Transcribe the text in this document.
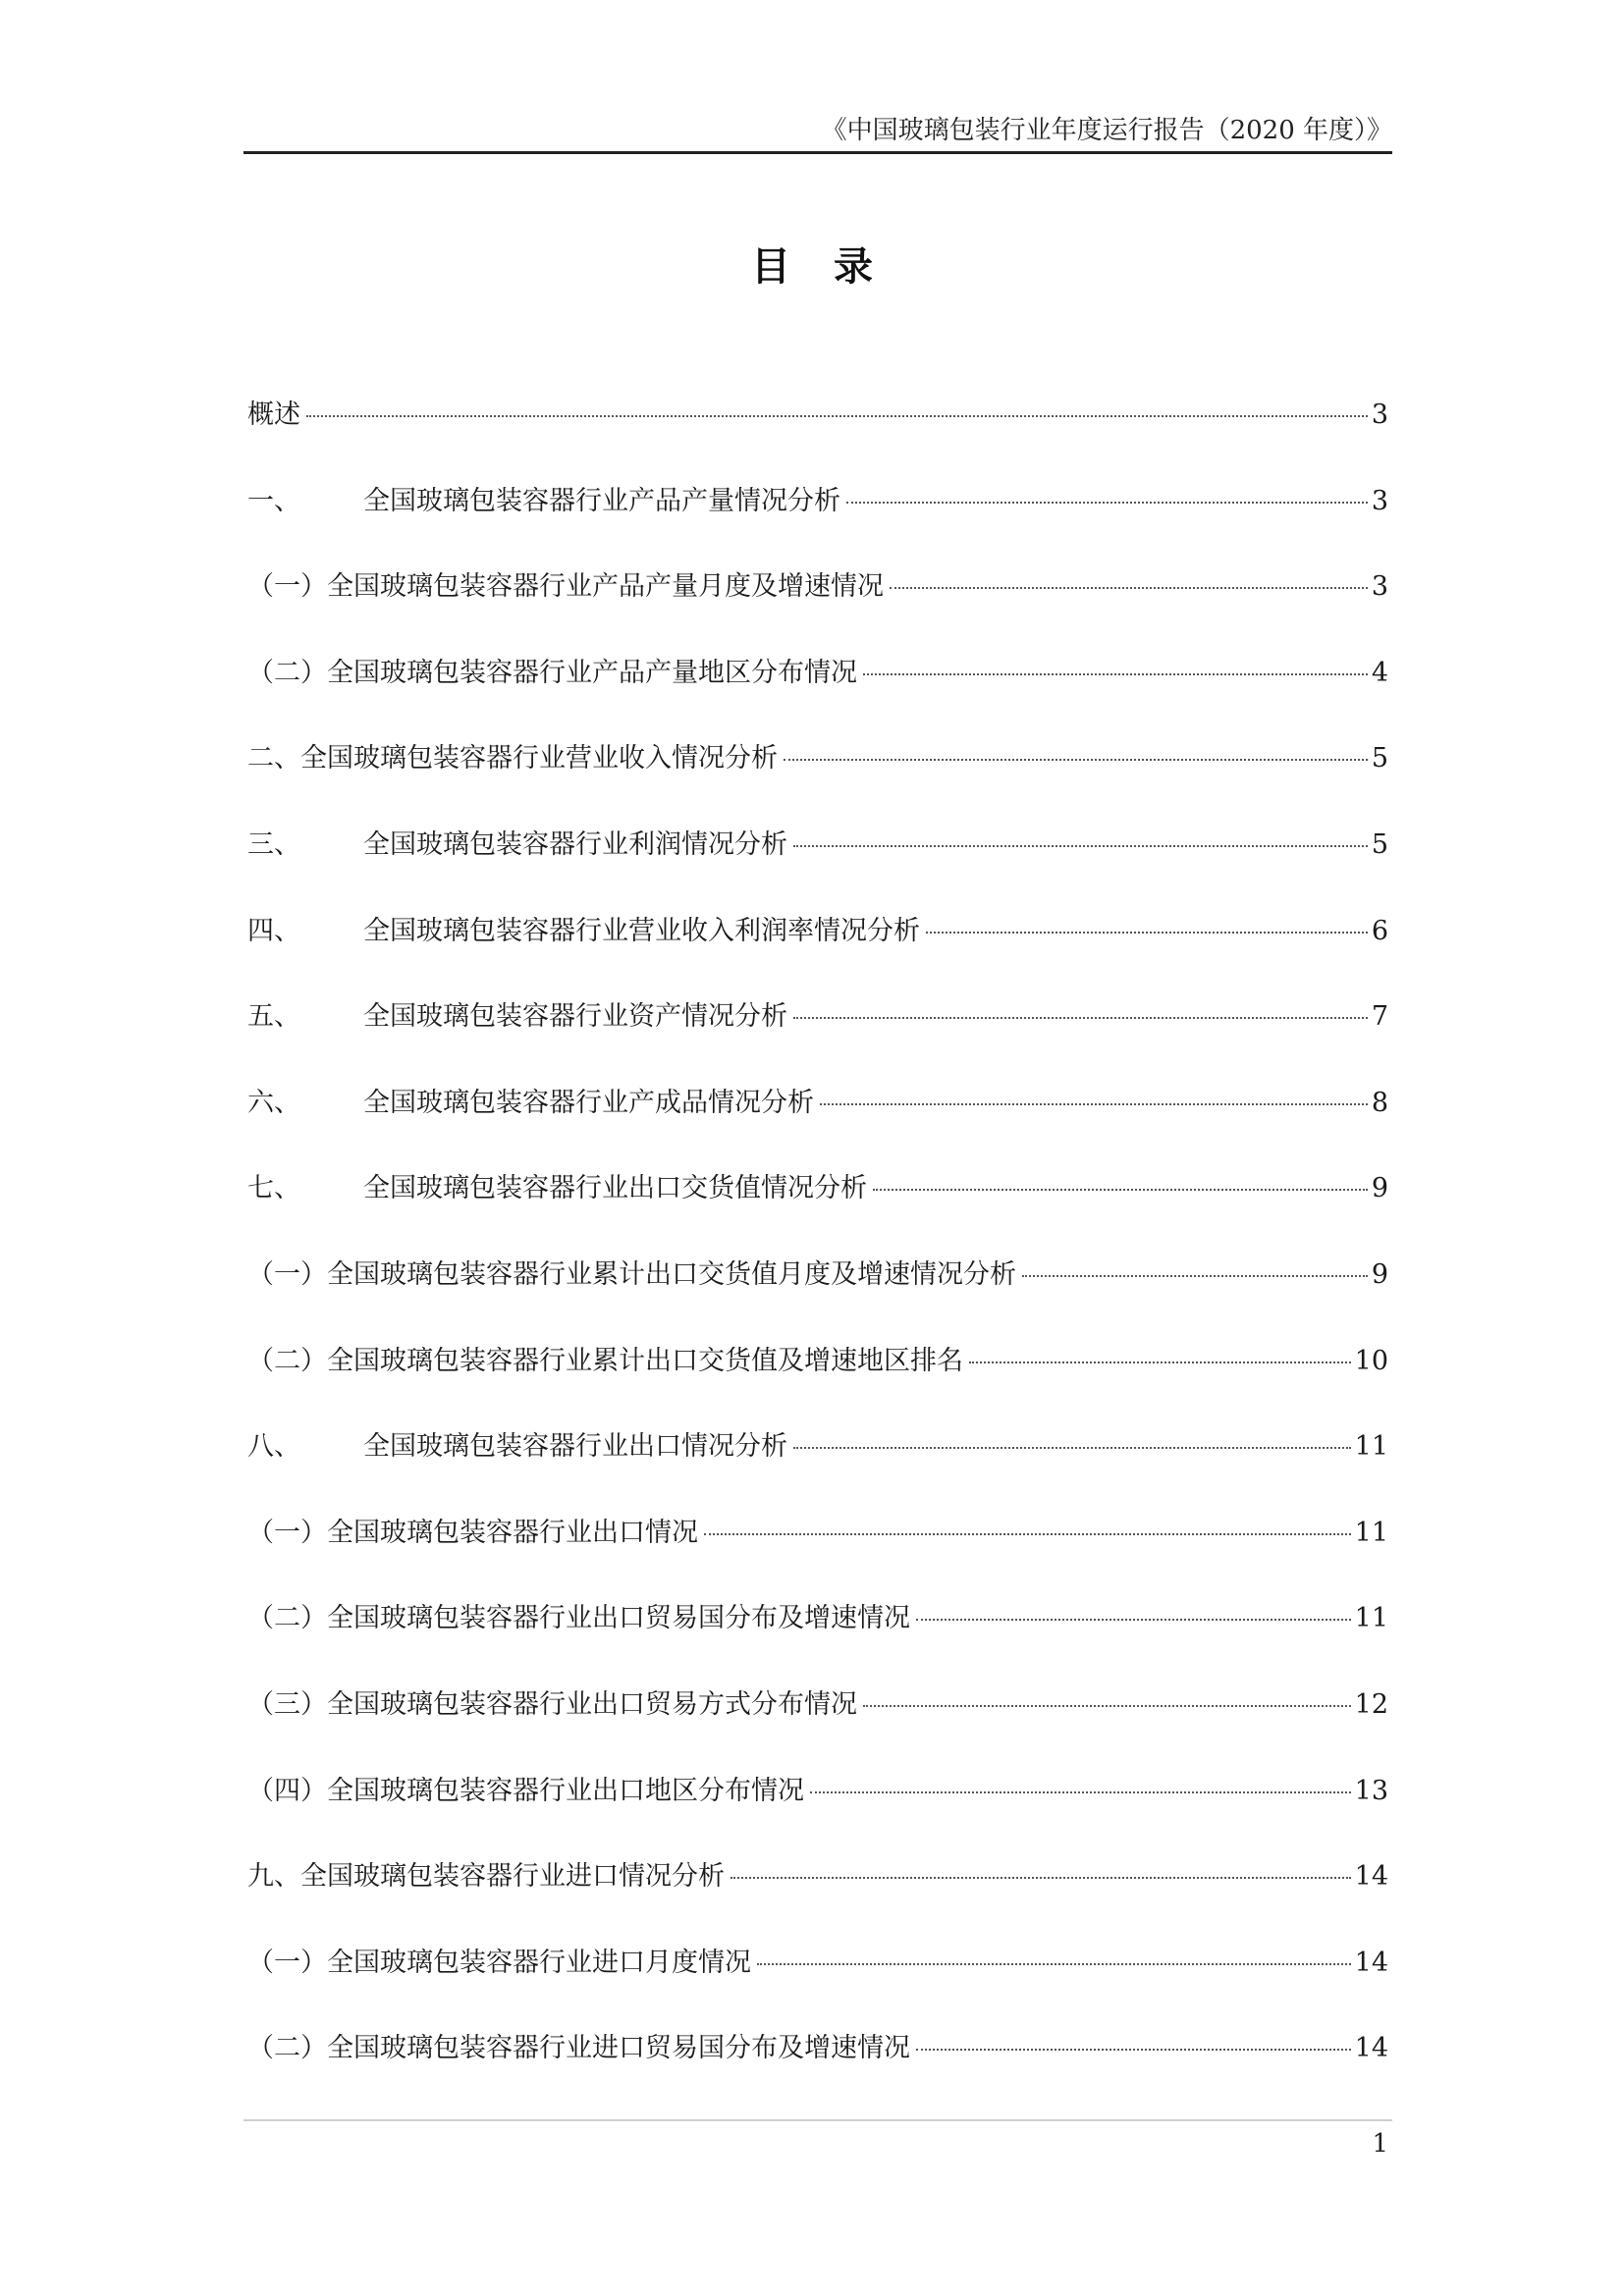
《中国玻璃包装行业年度运行报告（2020 年度）》
目录
概述	3
一、	全国玻璃包装容器行业产品产量情况分析	3
（一） 全国玻璃包装容器行业产品产量月度及增速情况	3
（二） 全国玻璃包装容器行业产品产量地区分布情况	4
二、 全国玻璃包装容器行业营业收入情况分析	5
三、	全国玻璃包装容器行业利润情况分析	5
四、	全国玻璃包装容器行业营业收入利润率情况分析	6
五、	全国玻璃包装容器行业资产情况分析	7
六、	全国玻璃包装容器行业产成品情况分析	8
七、	全国玻璃包装容器行业出口交货值情况分析	9
（一） 全国玻璃包装容器行业累计出口交货值月度及增速情况分析	9
（二） 全国玻璃包装容器行业累计出口交货值及增速地区排名	10
八、	全国玻璃包装容器行业出口情况分析	11
（一） 全国玻璃包装容器行业出口情况	11
（二） 全国玻璃包装容器行业出口贸易国分布及增速情况	11
（三） 全国玻璃包装容器行业出口贸易方式分布情况	12
（四） 全国玻璃包装容器行业出口地区分布情况	13
九、 全国玻璃包装容器行业进口情况分析	14
（一） 全国玻璃包装容器行业进口月度情况	14
（二） 全国玻璃包装容器行业进口贸易国分布及增速情况	14
1
